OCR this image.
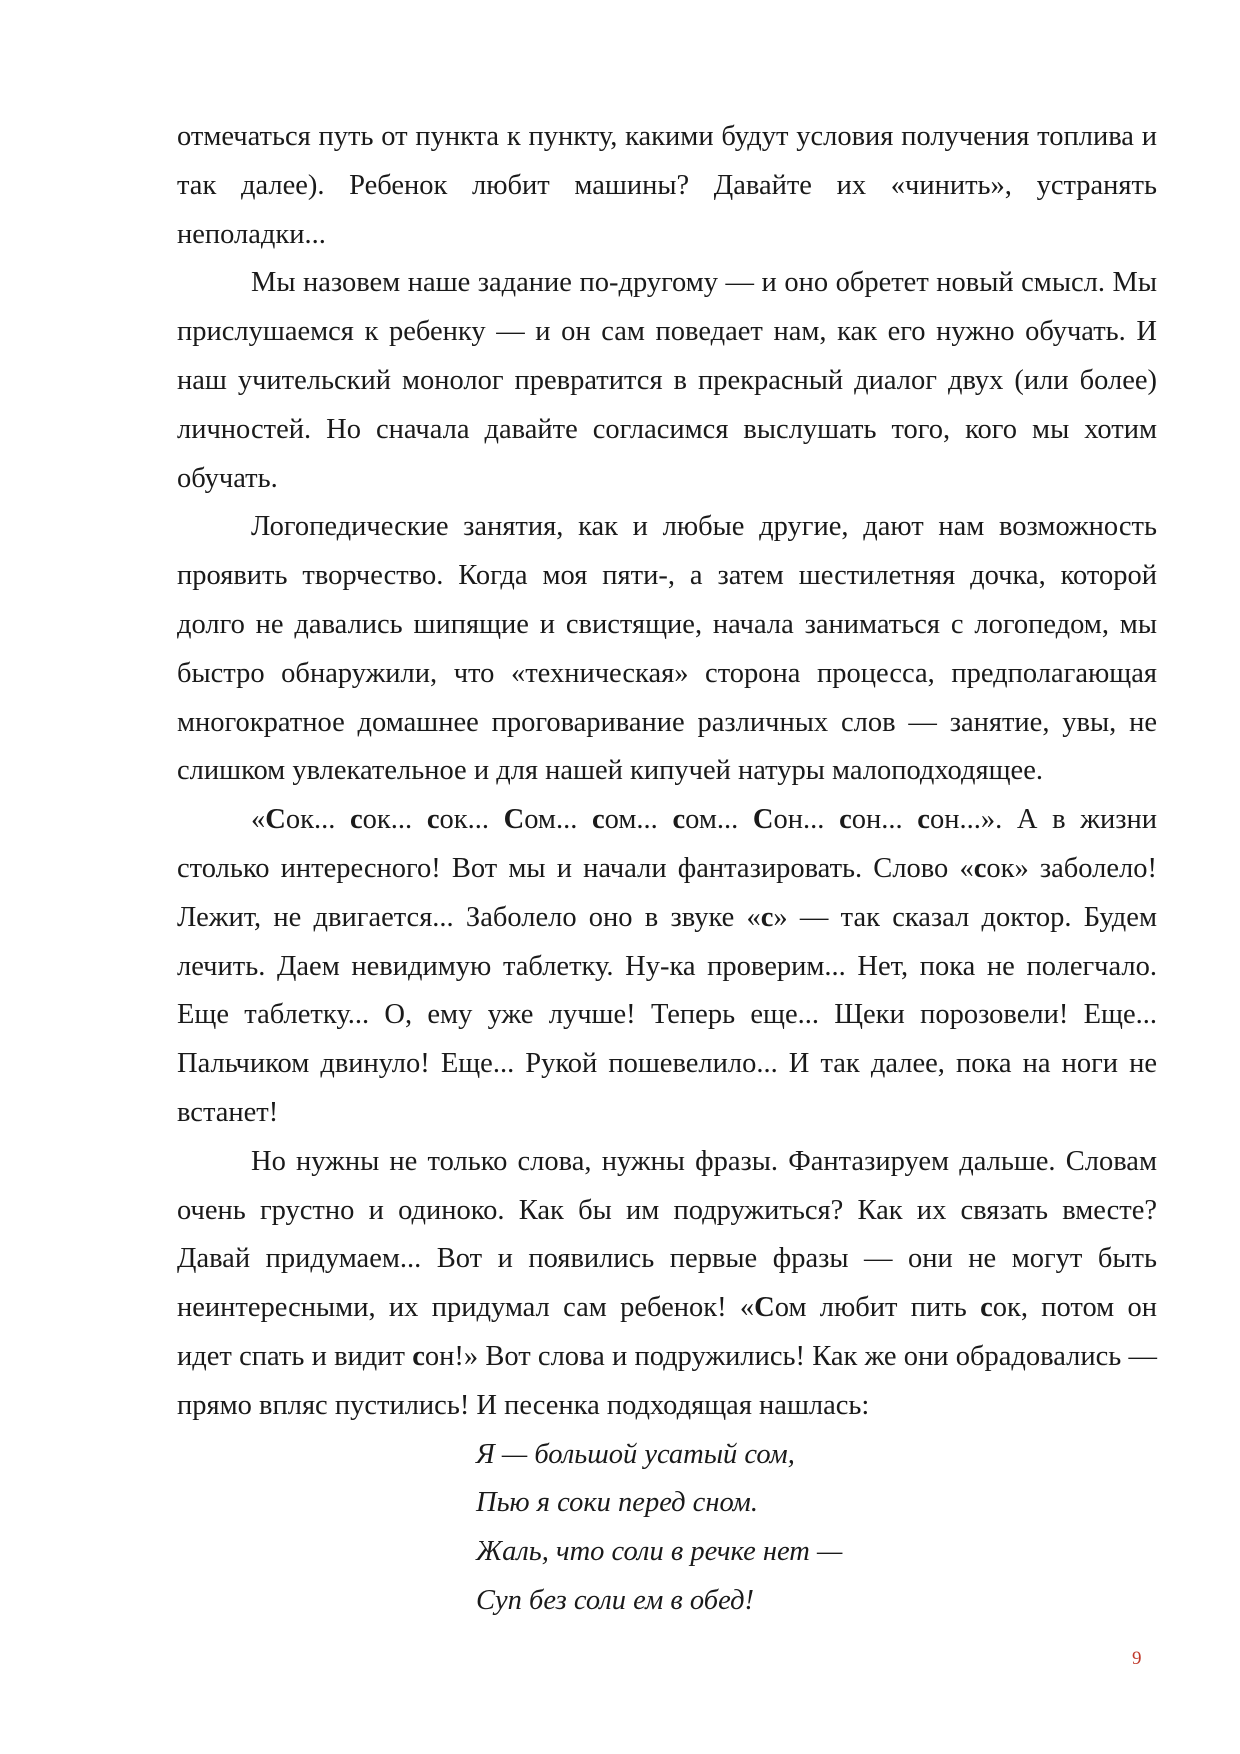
отмечаться путь от пункта к пункту, какими будут условия получения топлива и так далее). Ребенок любит машины? Давайте их «чинить», устранять неполадки...

Мы назовем наше задание по-другому — и оно обретет новый смысл. Мы прислушаемся к ребенку — и он сам поведает нам, как его нужно обучать. И наш учительский монолог превратится в прекрасный диалог двух (или более) личностей. Но сначала давайте согласимся выслушать того, кого мы хотим обучать.

Логопедические занятия, как и любые другие, дают нам возможность проявить творчество. Когда моя пяти-, а затем шестилетняя дочка, которой долго не давались шипящие и свистящие, начала заниматься с логопедом, мы быстро обнаружили, что «техническая» сторона процесса, предполагающая многократное домашнее проговаривание различных слов — занятие, увы, не слишком увлекательное и для нашей кипучей натуры малоподходящее.

«Сок... сок... сок... Сом... сом... сом... Сон... сон... сон...». А в жизни столько интересного! Вот мы и начали фантазировать. Слово «сок» заболело! Лежит, не двигается... Заболело оно в звуке «с» — так сказал доктор. Будем лечить. Даем невидимую таблетку. Ну-ка проверим... Нет, пока не полегчало. Еще таблетку... О, ему уже лучше! Теперь еще... Щеки порозовели! Еще... Пальчиком двинуло! Еще... Рукой пошевелило... И так далее, пока на ноги не встанет!

Но нужны не только слова, нужны фразы. Фантазируем дальше. Словам очень грустно и одиноко. Как бы им подружиться? Как их связать вместе? Давай придумаем... Вот и появились первые фразы — они не могут быть неинтересными, их придумал сам ребенок! «Сом любит пить сок, потом он идет спать и видит сон!» Вот слова и подружились! Как же они обрадовались — прямо впляс пустились! И песенка подходящая нашлась:

Я — большой усатый сом,
Пью я соки перед сном.
Жаль, что соли в речке нет —
Суп без соли ем в обед!
9
